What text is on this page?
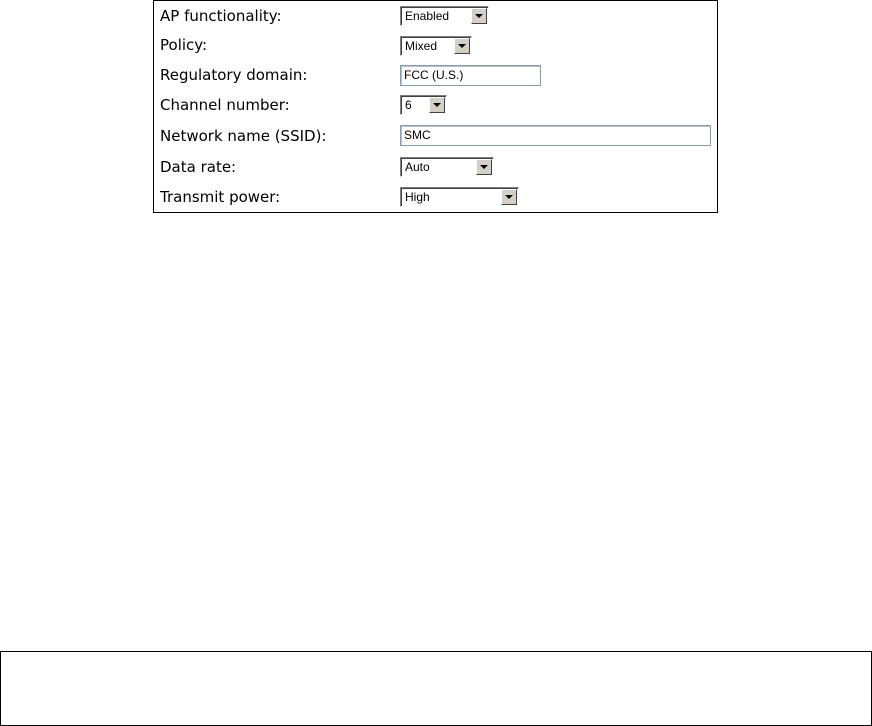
AP functionality:	Enabled
Policy:	Mixed
Regulatory domain:	FCC (U.S.)
Channel number:	6
Network name (SSID):	SMC
Data rate:	Auto
Transmit power:	High
